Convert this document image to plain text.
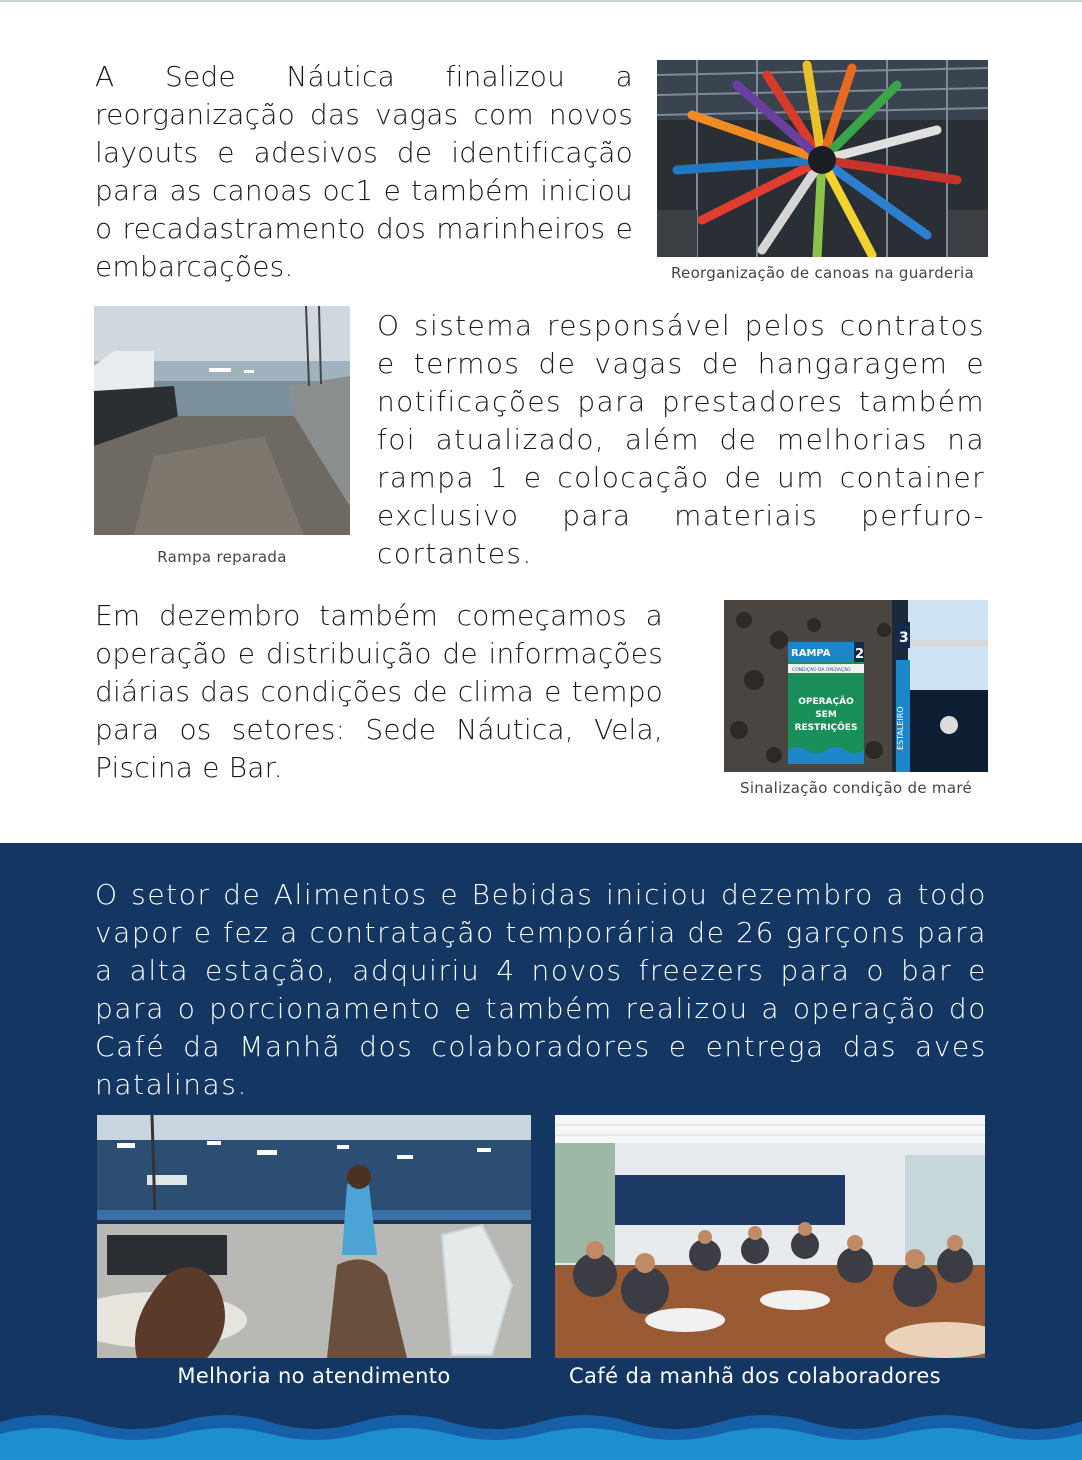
A Sede Náutica finalizou a reorganização das vagas com novos layouts e adesivos de identificação para as canoas oc1 e também iniciou o recadastramento dos marinheiros e embarcações.	Reorganização de canoas na guarderia
Rampa reparada

O sistema responsável pelos contratos e termos de vagas de hangaragem e notificações para prestadores também foi atualizado, além de melhorias na rampa 1 e colocação de um container exclusivo para materiais perfuro-cortantes.

Em dezembro também começamos a operação e distribuição de informações diárias das condições de clima e tempo para os setores: Sede Náutica, Vela, Piscina e Bar.

ESTALEIRO
3
RAMPA 2
CONDIÇÃO DA OPERAÇÃO
OPERAÇÃO
SEM
RESTRIÇÕES
Sinalização condição de maré

O setor de Alimentos e Bebidas iniciou dezembro a todo vapor e fez a contratação temporária de 26 garçons para a alta estação, adquiriu 4 novos freezers para o bar e para o porcionamento e também realizou a operação do Café da Manhã dos colaboradores e entrega das aves natalinas.

Melhoria no atendimento	Café da manhã dos colaboradores
